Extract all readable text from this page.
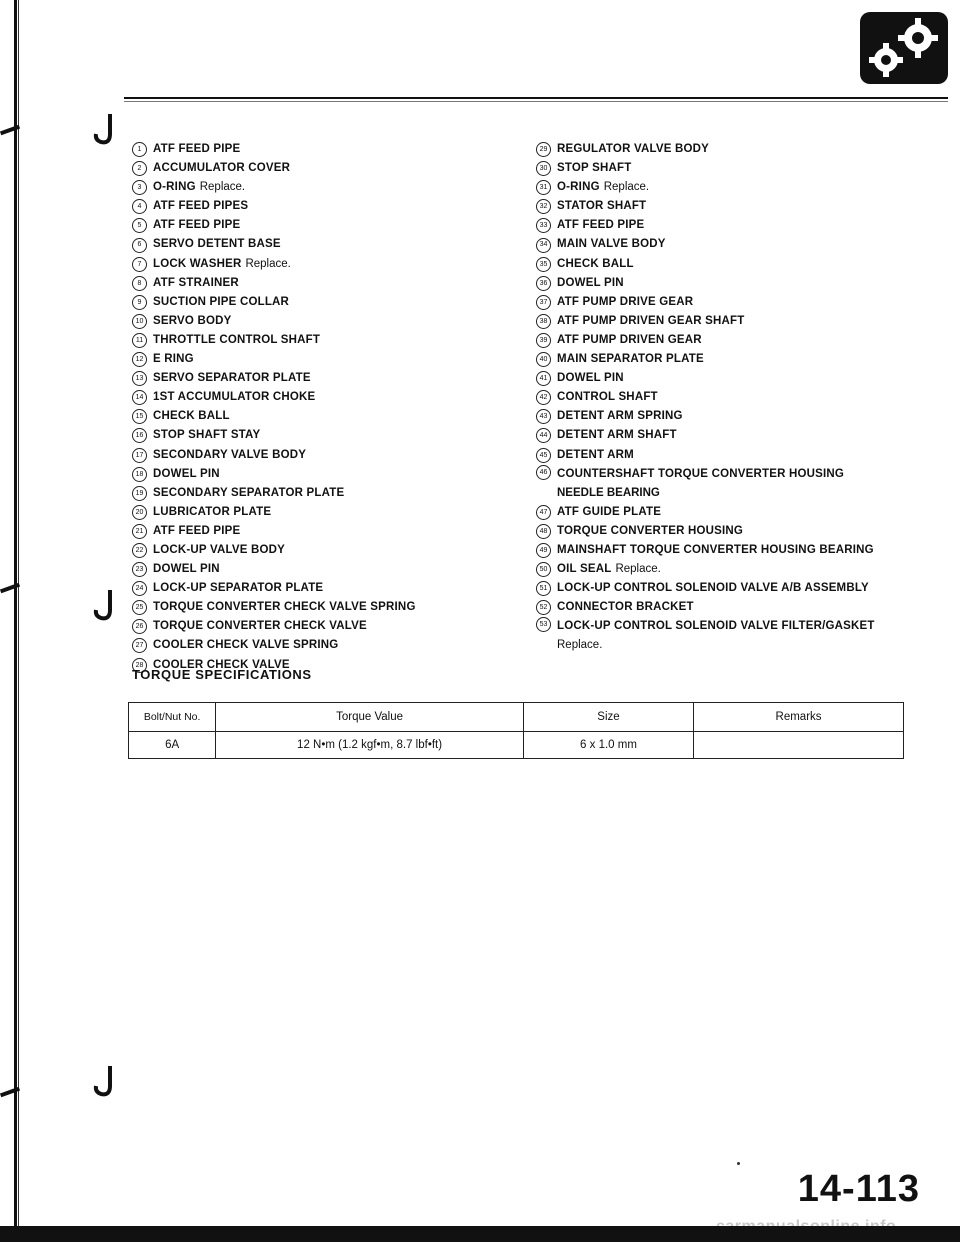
1	ATF FEED PIPE
2	ACCUMULATOR COVER
3	O-RING Replace.
4	ATF FEED PIPES
5	ATF FEED PIPE
6	SERVO DETENT BASE
7	LOCK WASHER Replace.
8	ATF STRAINER
9	SUCTION PIPE COLLAR
10 SERVO BODY
11 THROTTLE CONTROL SHAFT
12 E RING
13 SERVO SEPARATOR PLATE
14 1ST ACCUMULATOR CHOKE
15 CHECK BALL
16 STOP SHAFT STAY
17 SECONDARY VALVE BODY
18 DOWEL PIN
19 SECONDARY SEPARATOR PLATE
20 LUBRICATOR PLATE
21 ATF FEED PIPE
22 LOCK-UP VALVE BODY
23 DOWEL PIN
24 LOCK-UP SEPARATOR PLATE
25 TORQUE CONVERTER CHECK VALVE SPRING
26 TORQUE CONVERTER CHECK VALVE
27 COOLER CHECK VALVE SPRING
28 COOLER CHECK VALVE
29 REGULATOR VALVE BODY
30 STOP SHAFT
31 O-RING Replace.
32 STATOR SHAFT
33 ATF FEED PIPE
34 MAIN VALVE BODY
35 CHECK BALL
36 DOWEL PIN
37 ATF PUMP DRIVE GEAR
38 ATF PUMP DRIVEN GEAR SHAFT
39 ATF PUMP DRIVEN GEAR
40 MAIN SEPARATOR PLATE
41 DOWEL PIN
42 CONTROL SHAFT
43 DETENT ARM SPRING
44 DETENT ARM SHAFT
45 DETENT ARM
46 COUNTERSHAFT TORQUE CONVERTER HOUSING
NEEDLE BEARING
47 ATF GUIDE PLATE
48 TORQUE CONVERTER HOUSING
49 MAINSHAFT TORQUE CONVERTER HOUSING BEARING
50 OIL SEAL Replace.
51 LOCK-UP CONTROL SOLENOID VALVE A/B ASSEMBLY
52 CONNECTOR BRACKET
53 LOCK-UP CONTROL SOLENOID VALVE FILTER/GASKET
Replace.
TORQUE SPECIFICATIONS
Bolt/Nut No.	Torque Value	Size	Remarks
6A	12 N•m (1.2 kgf•m, 8.7 lbf•ft)	6 x 1.0 mm	
14-113
